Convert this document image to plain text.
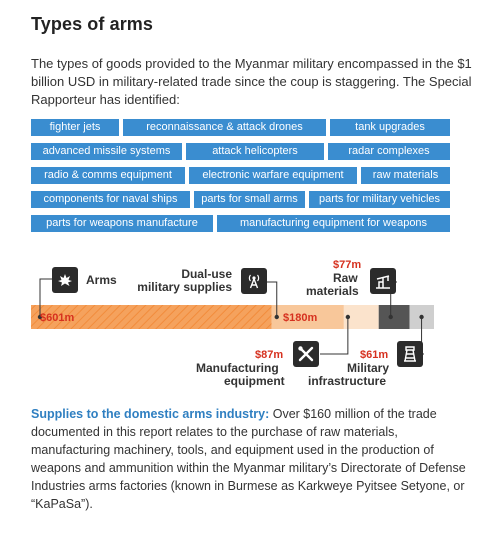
Types of arms
The types of goods provided to the Myanmar military encompassed in the $1 billion USD in military-related trade since the coup is staggering. The Special Rapporteur has identified:
fighter jets	reconnaissance & attack drones	tank upgrades
advanced missile systems	attack helicopters	radar complexes
radio & comms equipment	electronic warfare equipment	raw materials
components for naval ships	parts for small arms	parts for military vehicles
parts for weapons manufacture	manufacturing equipment for weapons
Arms
$601m
Dual-use
military supplies
$180m
$77m
Raw
materials
$87m
Manufacturing
equipment
$61m
Military
infrastructure
Supplies to the domestic arms industry: Over $160 million of the trade documented in this report relates to the purchase of raw materials, manufacturing machinery, tools, and equipment used in the production of weapons and ammunition within the Myanmar military’s Directorate of Defense Industries arms factories (known in Burmese as Karkweye Pyitsee Setyone, or “KaPaSa”).
